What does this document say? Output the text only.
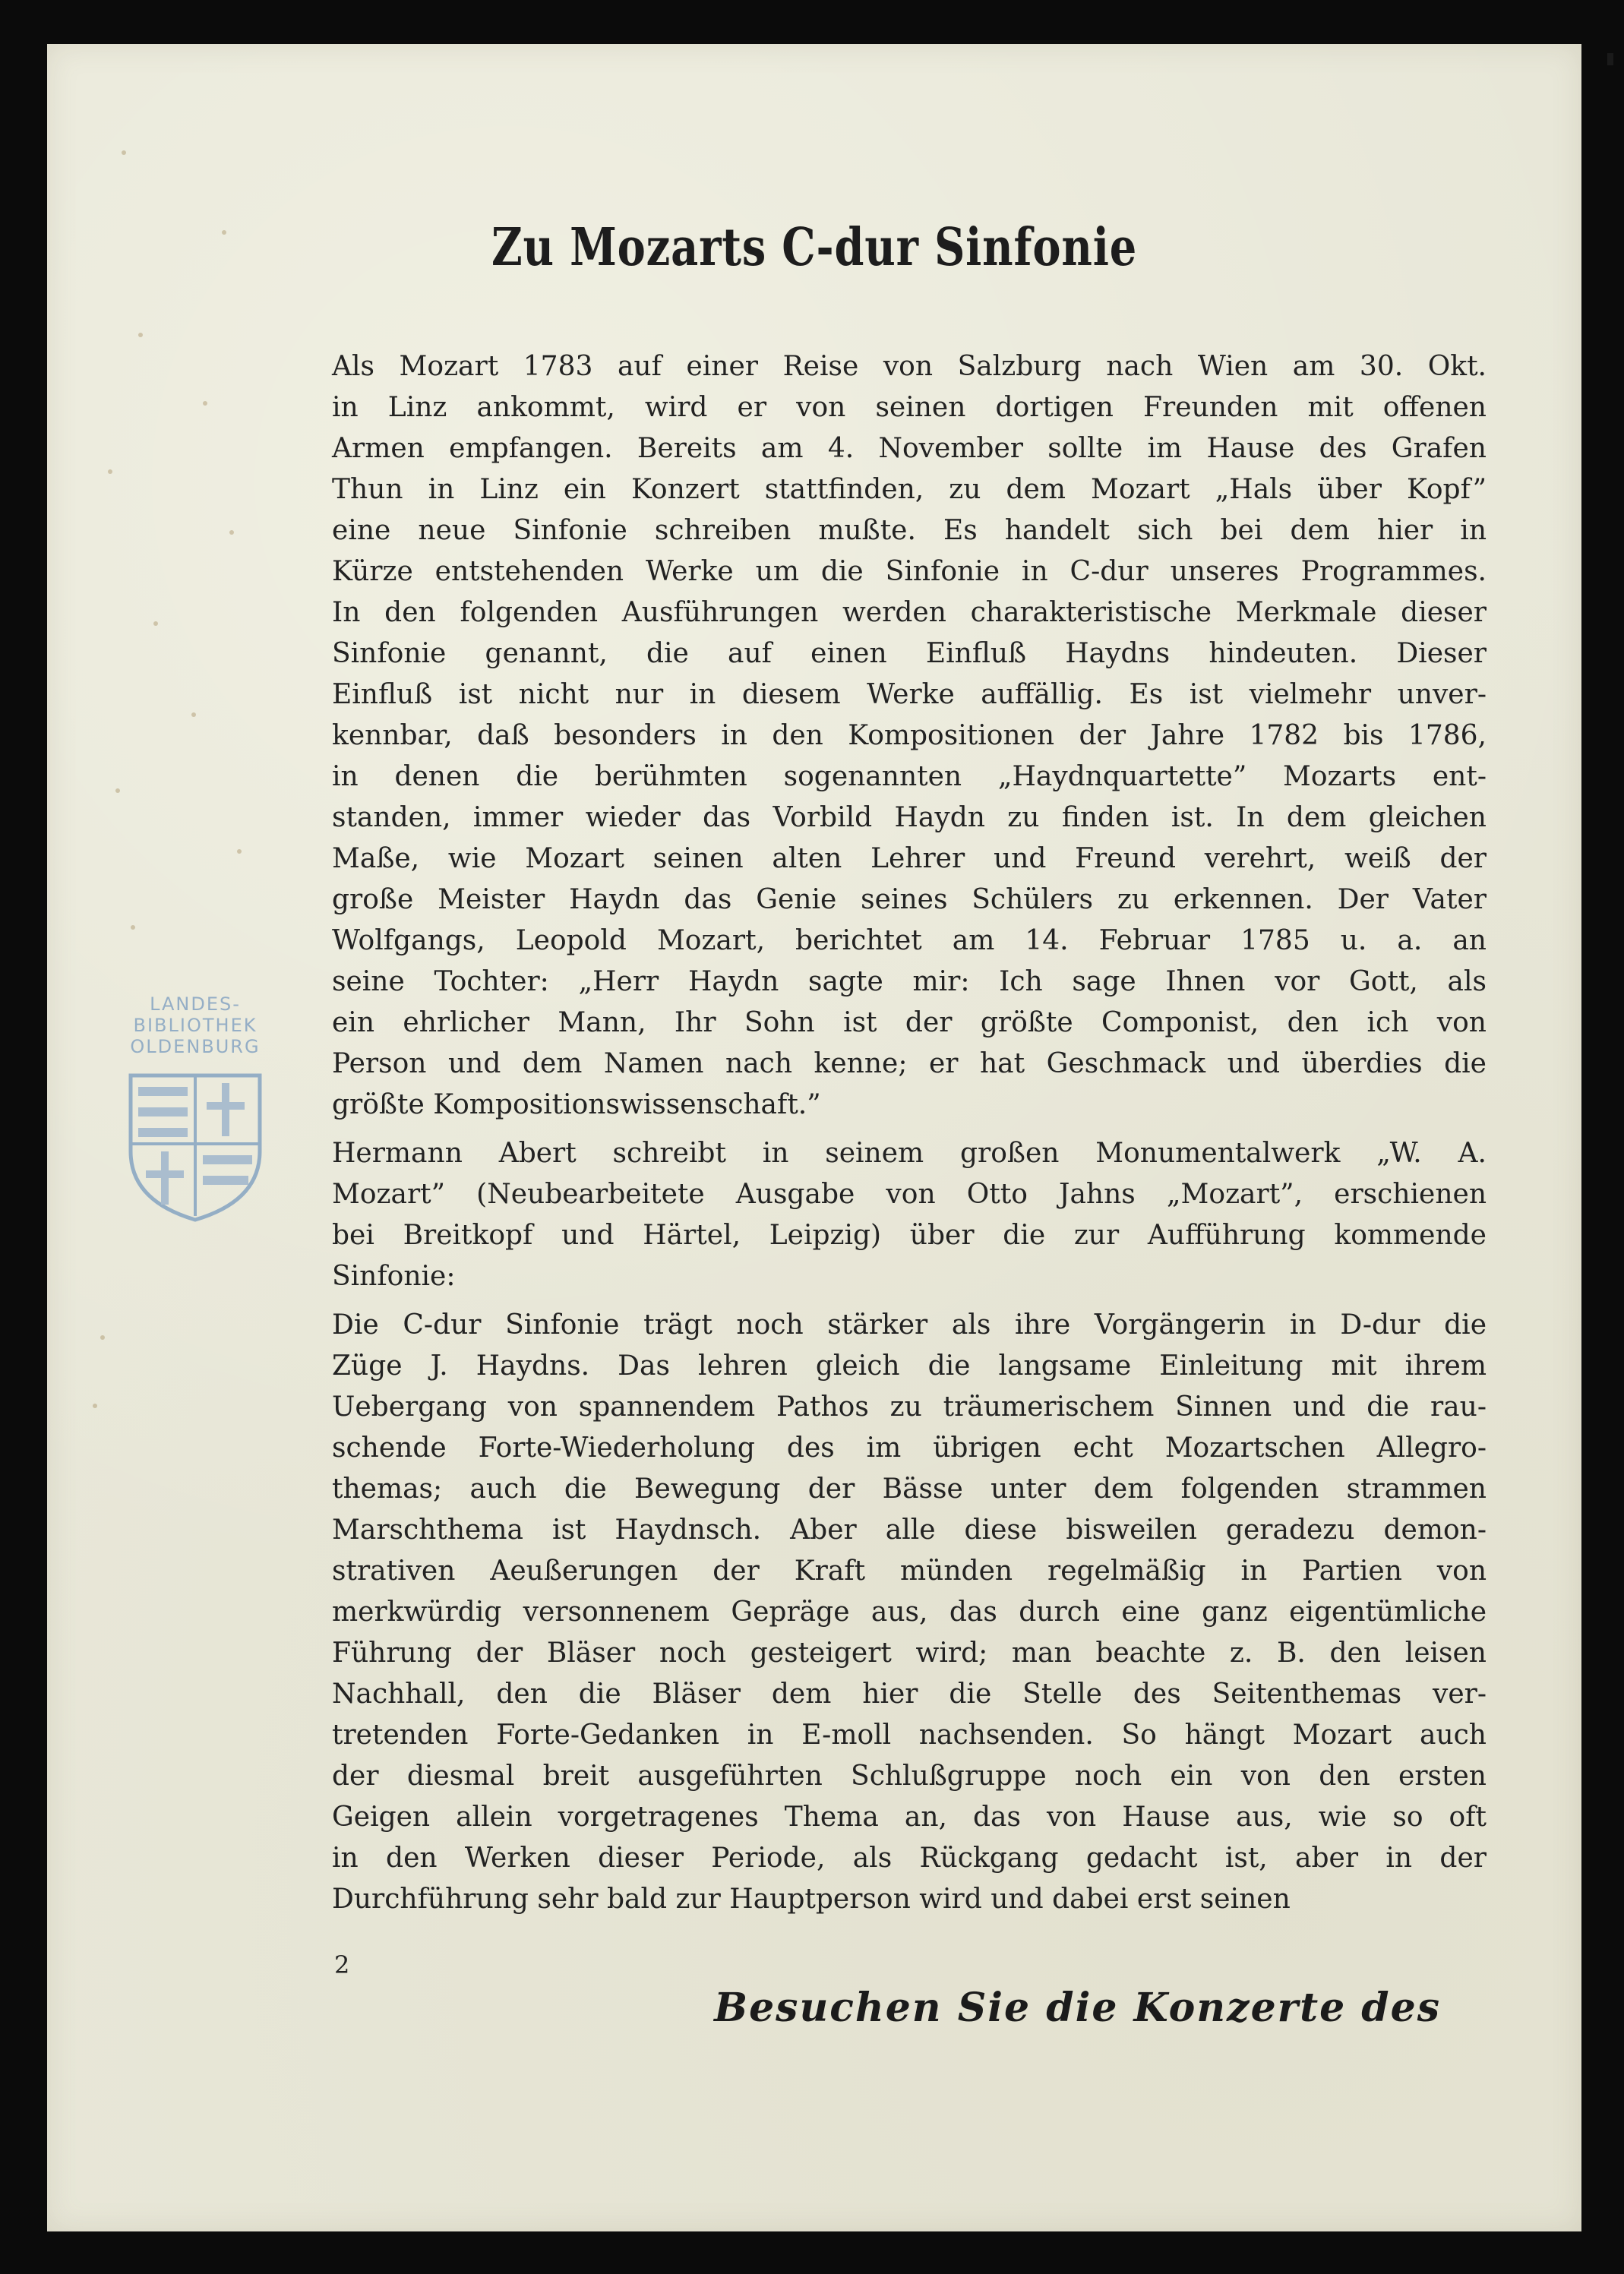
Zu Mozarts C-dur Sinfonie
Als Mozart 1783 auf einer Reise von Salzburg nach Wien am 30. Okt.
in Linz ankommt, wird er von seinen dortigen Freunden mit offenen
Armen empfangen. Bereits am 4. November sollte im Hause des Grafen
Thun in Linz ein Konzert stattfinden, zu dem Mozart „Hals über Kopf”
eine neue Sinfonie schreiben mußte. Es handelt sich bei dem hier in
Kürze entstehenden Werke um die Sinfonie in C-dur unseres Programmes.
In den folgenden Ausführungen werden charakteristische Merkmale dieser
Sinfonie genannt, die auf einen Einfluß Haydns hindeuten. Dieser
Einfluß ist nicht nur in diesem Werke auffällig. Es ist vielmehr unver-
kennbar, daß besonders in den Kompositionen der Jahre 1782 bis 1786,
in denen die berühmten sogenannten „Haydnquartette” Mozarts ent-
standen, immer wieder das Vorbild Haydn zu finden ist. In dem gleichen
Maße, wie Mozart seinen alten Lehrer und Freund verehrt, weiß der
große Meister Haydn das Genie seines Schülers zu erkennen. Der Vater
Wolfgangs, Leopold Mozart, berichtet am 14. Februar 1785 u. a. an
seine Tochter: „Herr Haydn sagte mir: Ich sage Ihnen vor Gott, als
ein ehrlicher Mann, Ihr Sohn ist der größte Componist, den ich von
Person und dem Namen nach kenne; er hat Geschmack und überdies die
größte Kompositionswissenschaft.”
Hermann Abert schreibt in seinem großen Monumentalwerk „W. A.
Mozart” (Neubearbeitete Ausgabe von Otto Jahns „Mozart”, erschienen
bei Breitkopf und Härtel, Leipzig) über die zur Aufführung kommende
Sinfonie:
Die C-dur Sinfonie trägt noch stärker als ihre Vorgängerin in D-dur die
Züge J. Haydns. Das lehren gleich die langsame Einleitung mit ihrem
Uebergang von spannendem Pathos zu träumerischem Sinnen und die rau-
schende Forte-Wiederholung des im übrigen echt Mozartschen Allegro-
themas; auch die Bewegung der Bässe unter dem folgenden strammen
Marschthema ist Haydnsch. Aber alle diese bisweilen geradezu demon-
strativen Aeußerungen der Kraft münden regelmäßig in Partien von
merkwürdig versonnenem Gepräge aus, das durch eine ganz eigentümliche
Führung der Bläser noch gesteigert wird; man beachte z. B. den leisen
Nachhall, den die Bläser dem hier die Stelle des Seitenthemas ver-
tretenden Forte-Gedanken in E-moll nachsenden. So hängt Mozart auch
der diesmal breit ausgeführten Schlußgruppe noch ein von den ersten
Geigen allein vorgetragenes Thema an, das von Hause aus, wie so oft
in den Werken dieser Periode, als Rückgang gedacht ist, aber in der
Durchführung sehr bald zur Hauptperson wird und dabei erst seinen
2
Besuchen Sie die Konzerte des
LANDES-
BIBLIOTHEK
OLDENBURG
